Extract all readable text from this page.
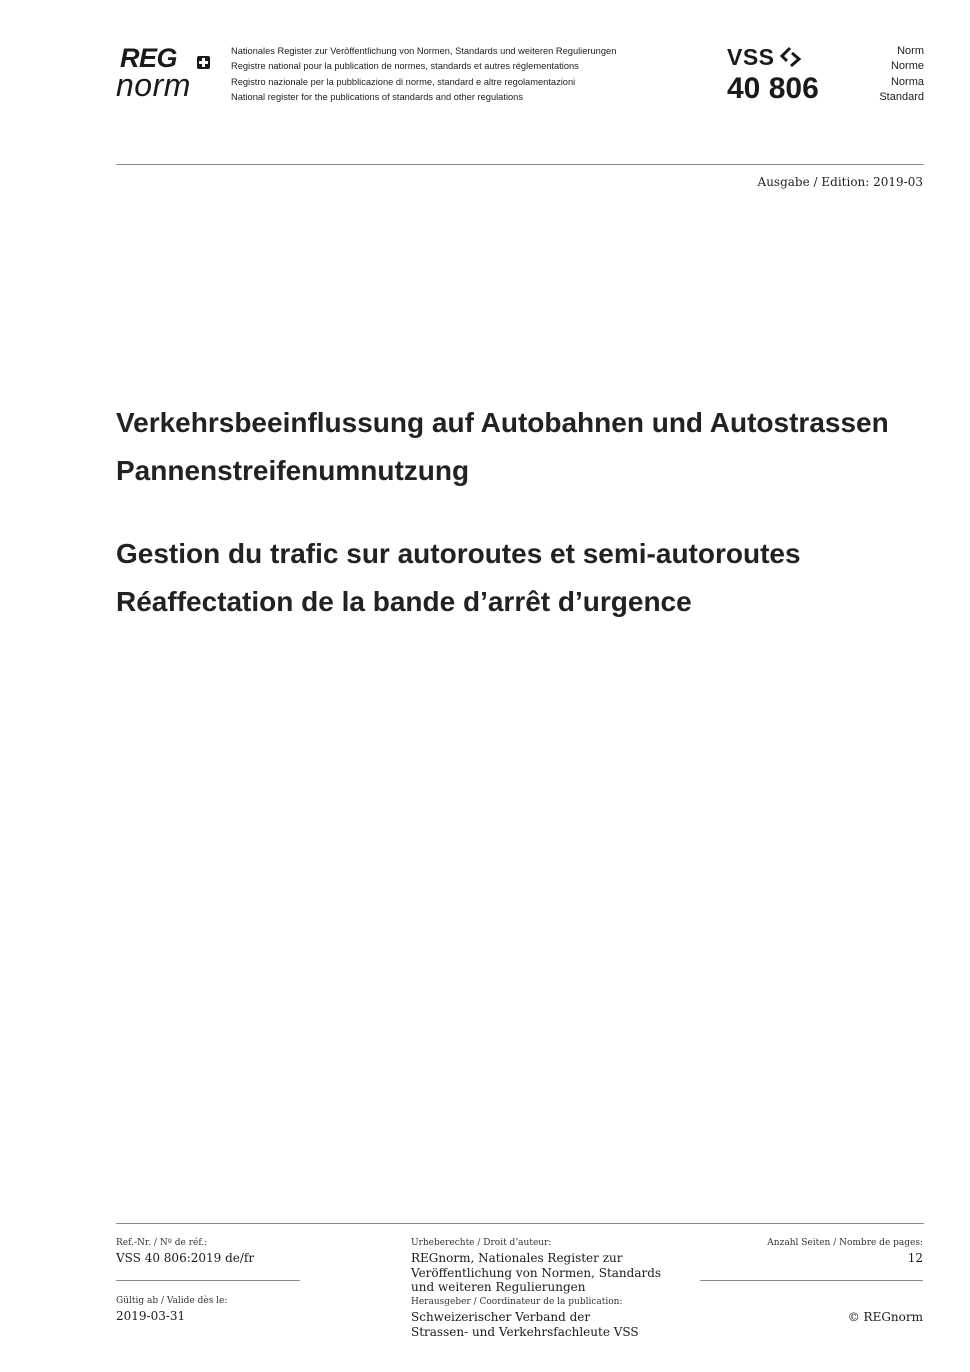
REG
norm
Nationales Register zur Veröffentlichung von Normen, Standards und weiteren Regulierungen
Registre national pour la publication de normes, standards et autres réglementations
Registro nazionale per la pubblicazione di norme, standard e altre regolamentazioni
National register for the publications of standards and other regulations
VSS
40 806
Norm
Norme
Norma
Standard
Ausgabe / Edition: 2019-03
Verkehrsbeeinflussung auf Autobahnen und Autostrassen
Pannenstreifenumnutzung
Gestion du trafic sur autoroutes et semi-autoroutes
Réaffectation de la bande d’arrêt d’urgence
Ref.-Nr. / Nº de réf.:
VSS 40 806:2019 de/fr
Gültig ab / Valide dès le:
2019-03-31
Urheberechte / Droit d’auteur:
REGnorm, Nationales Register zur
Veröffentlichung von Normen, Standards
und weiteren Regulierungen
Herausgeber / Coordinateur de la publication:
Schweizerischer Verband der
Strassen- und Verkehrsfachleute VSS
Anzahl Seiten / Nombre de pages:
12
© REGnorm
